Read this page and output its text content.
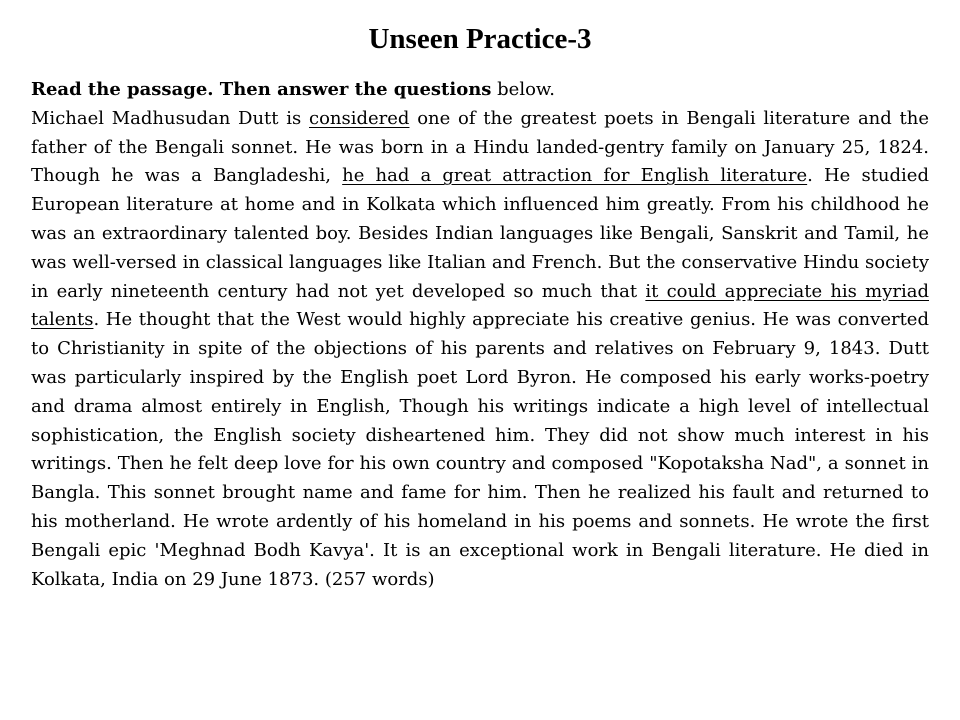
Unseen Practice-3

Read the passage. Then answer the questions below.

Michael Madhusudan Dutt is considered one of the greatest poets in Bengali literature and the father of the Bengali sonnet. He was born in a Hindu landed-gentry family on January 25, 1824. Though he was a Bangladeshi, he had a great attraction for English literature. He studied European literature at home and in Kolkata which influenced him greatly. From his childhood he was an extraordinary talented boy. Besides Indian languages like Bengali, Sanskrit and Tamil, he was well-versed in classical languages like Italian and French. But the conservative Hindu society in early nineteenth century had not yet developed so much that it could appreciate his myriad talents. He thought that the West would highly appreciate his creative genius. He was converted to Christianity in spite of the objections of his parents and relatives on February 9, 1843. Dutt was particularly inspired by the English poet Lord Byron. He composed his early works-poetry and drama almost entirely in English, Though his writings indicate a high level of intellectual sophistication, the English society disheartened him. They did not show much interest in his writings. Then he felt deep love for his own country and composed "Kopotaksha Nad", a sonnet in Bangla. This sonnet brought name and fame for him. Then he realized his fault and returned to his motherland. He wrote ardently of his homeland in his poems and sonnets. He wrote the first Bengali epic 'Meghnad Bodh Kavya'. It is an exceptional work in Bengali literature. He died in Kolkata, India on 29 June 1873. (257 words)
